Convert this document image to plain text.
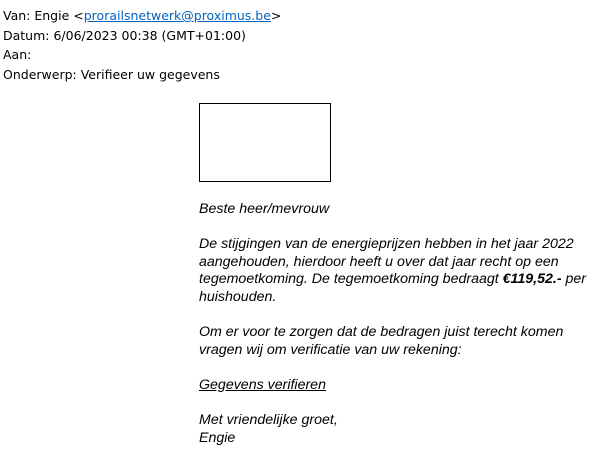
Van: Engie <prorailsnetwerk@proximus.be>
Datum: 6/06/2023 00:38 (GMT+01:00)
Aan:
Onderwerp: Verifieer uw gegevens

Beste heer/mevrouw

De stijgingen van de energieprijzen hebben in het jaar 2022 aangehouden, hierdoor heeft u over dat jaar recht op een tegemoetkoming. De tegemoetkoming bedraagt €119,52.- per huishouden.

Om er voor te zorgen dat de bedragen juist terecht komen vragen wij om verificatie van uw rekening:

Gegevens verifieren

Met vriendelijke groet,
Engie
